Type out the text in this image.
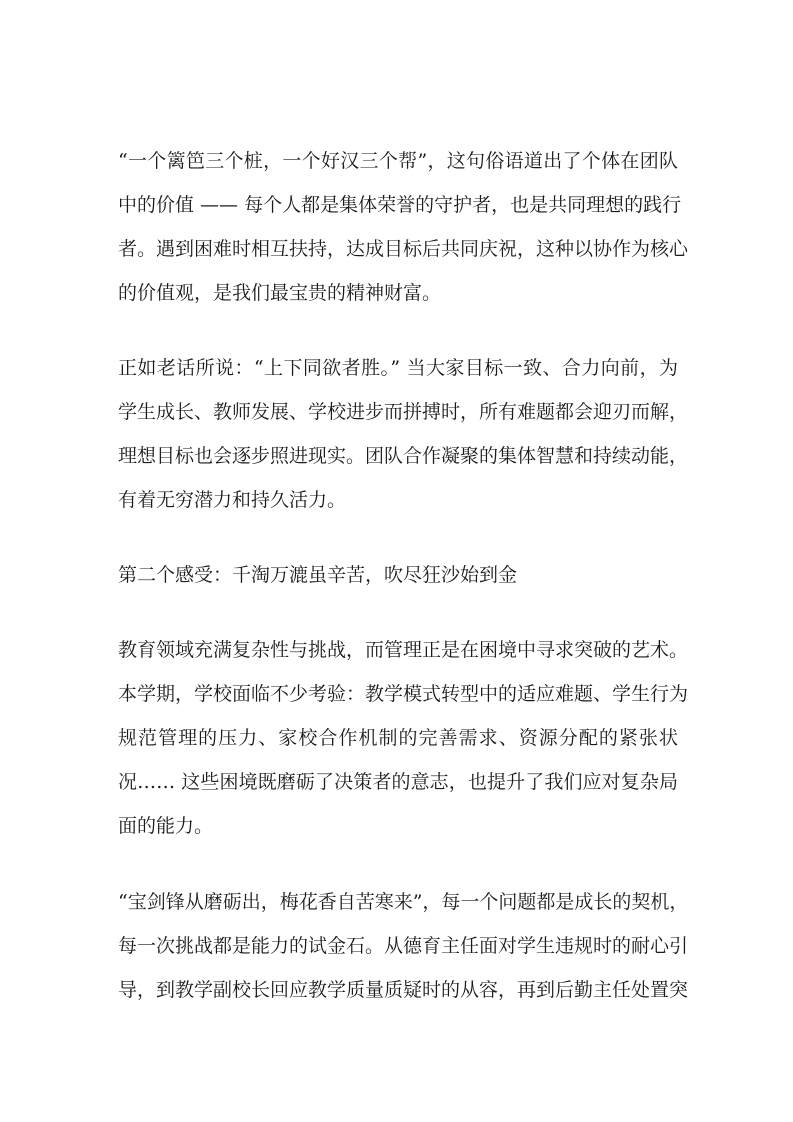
“一个篱笆三个桩，一个好汉三个帮”，这句俗语道出了个体在团队
中的价值 —— 每个人都是集体荣誉的守护者，也是共同理想的践行
者。遇到困难时相互扶持，达成目标后共同庆祝，这种以协作为核心
的价值观，是我们最宝贵的精神财富。

正如老话所说：“上下同欲者胜。” 当大家目标一致、合力向前，为
学生成长、教师发展、学校进步而拼搏时，所有难题都会迎刃而解，
理想目标也会逐步照进现实。团队合作凝聚的集体智慧和持续动能，
有着无穷潜力和持久活力。

第二个感受：千淘万漉虽辛苦，吹尽狂沙始到金

教育领域充满复杂性与挑战，而管理正是在困境中寻求突破的艺术。
本学期，学校面临不少考验：教学模式转型中的适应难题、学生行为
规范管理的压力、家校合作机制的完善需求、资源分配的紧张状
况…… 这些困境既磨砺了决策者的意志，也提升了我们应对复杂局
面的能力。

“宝剑锋从磨砺出，梅花香自苦寒来”，每一个问题都是成长的契机，
每一次挑战都是能力的试金石。从德育主任面对学生违规时的耐心引
导，到教学副校长回应教学质量质疑时的从容，再到后勤主任处置突
